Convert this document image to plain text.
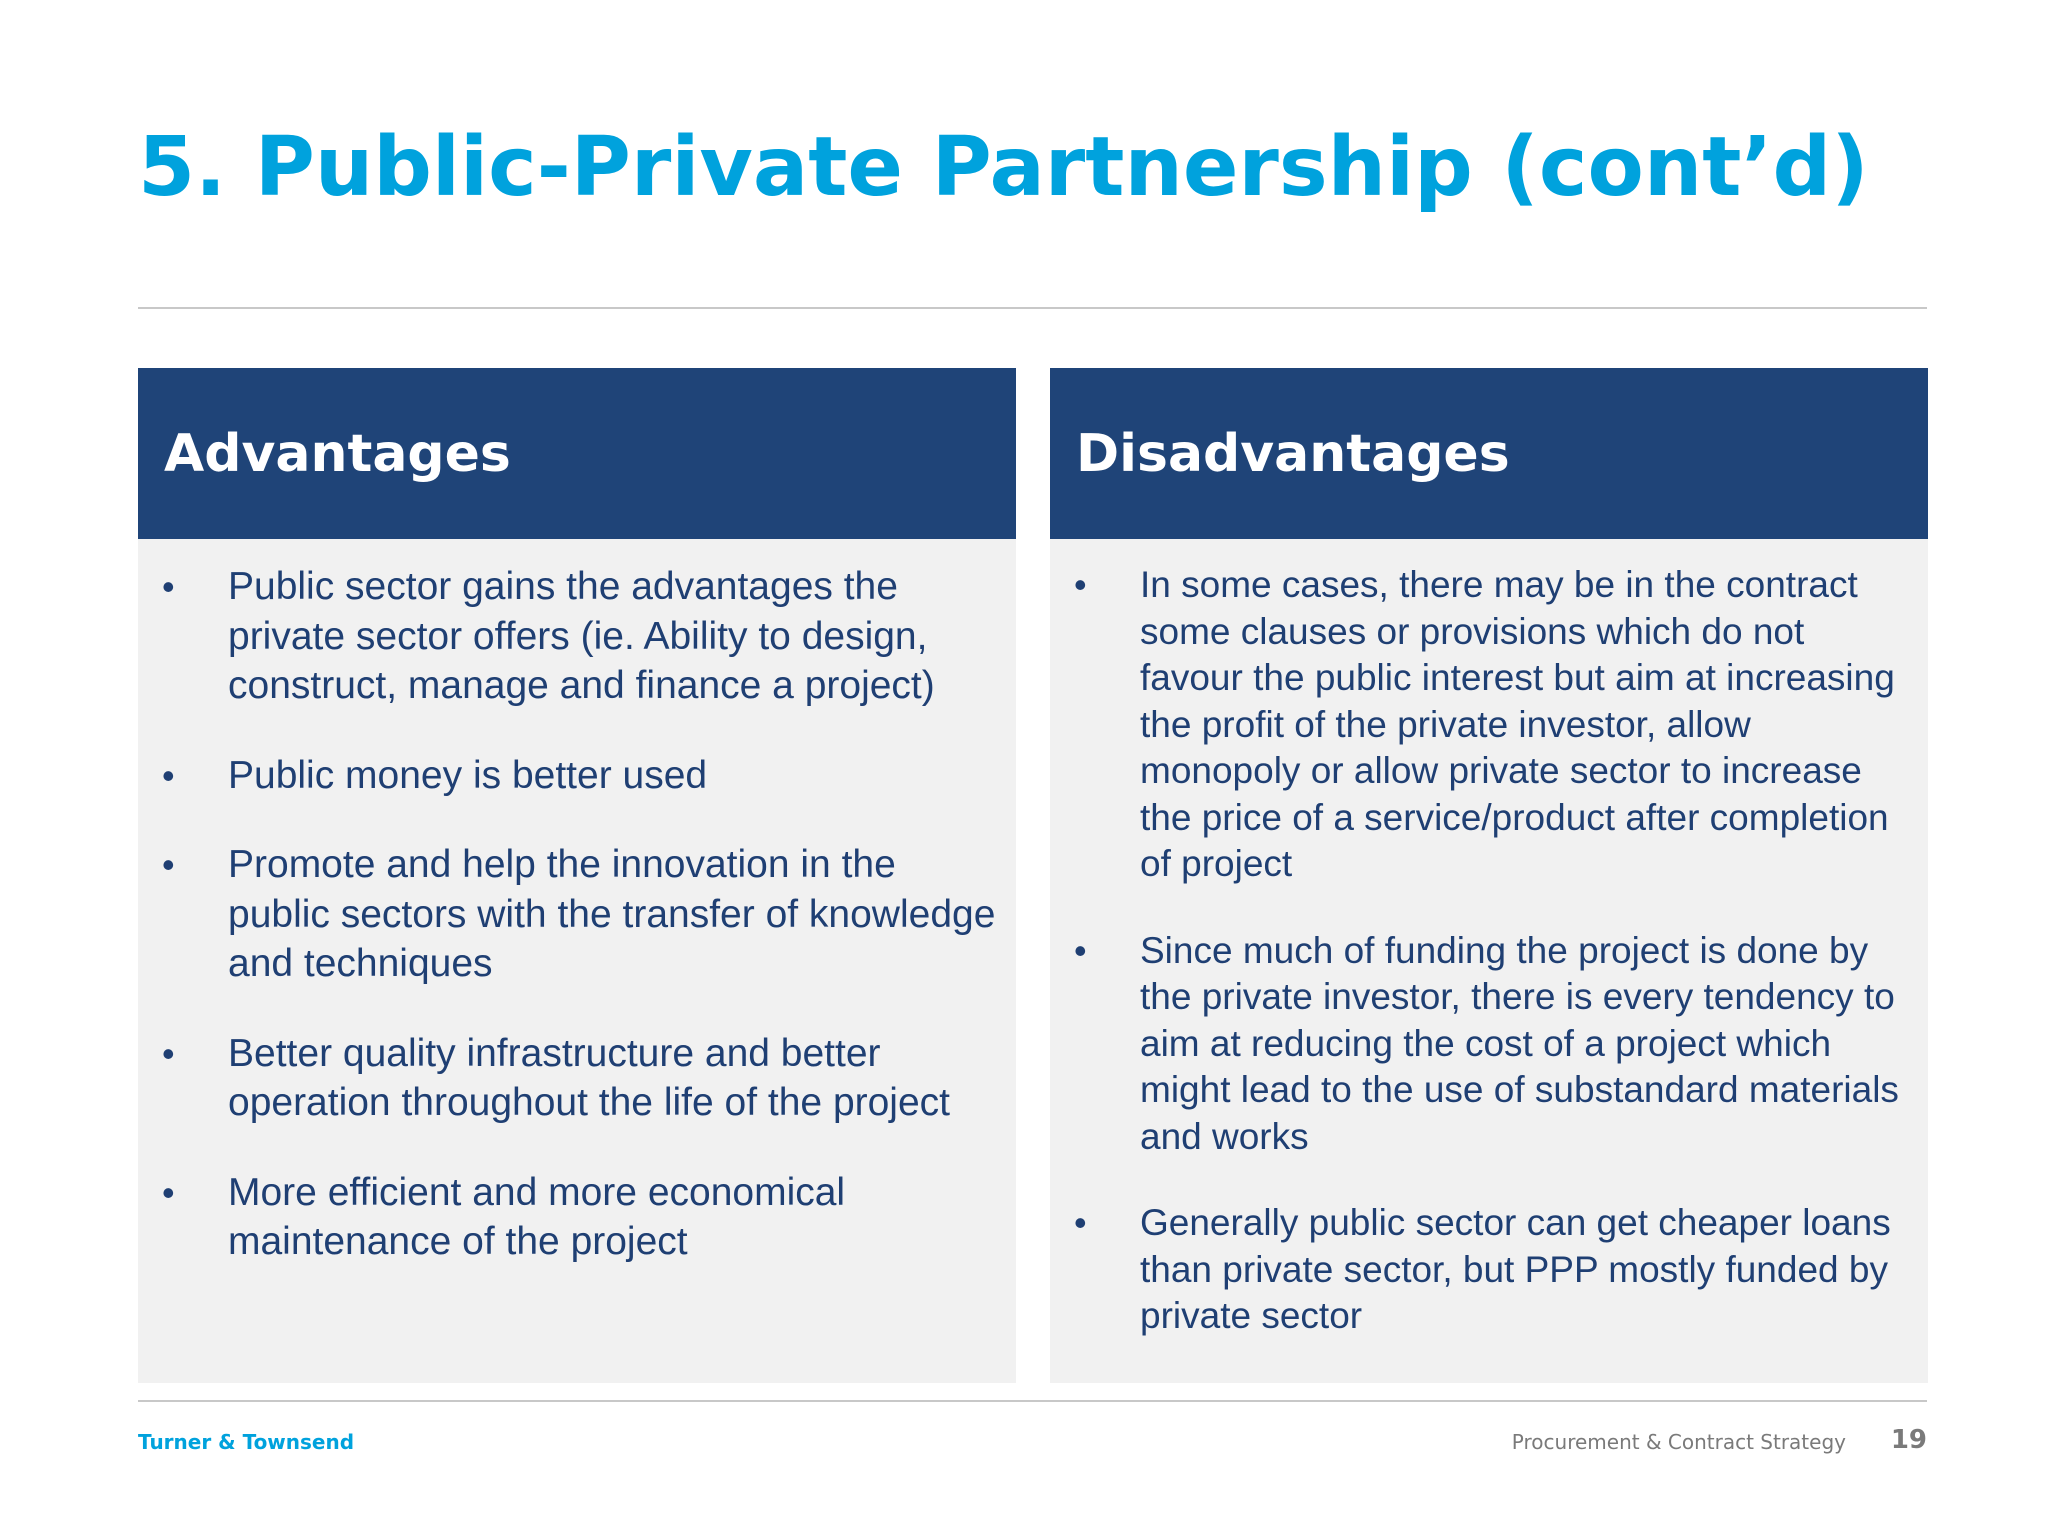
5. Public-Private Partnership (cont’d)
Advantages
• Public sector gains the advantages the private sector offers (ie. Ability to design, construct, manage and finance a project)
• Public money is better used
• Promote and help the innovation in the public sectors with the transfer of knowledge and techniques
• Better quality infrastructure and better operation throughout the life of the project
• More efficient and more economical maintenance of the project
Disadvantages
• In some cases, there may be in the contract some clauses or provisions which do not favour the public interest but aim at increasing the profit of the private investor, allow monopoly or allow private sector to increase the price of a service/product after completion of project
• Since much of funding the project is done by the private investor, there is every tendency to aim at reducing the cost of a project which might lead to the use of substandard materials and works
• Generally public sector can get cheaper loans than private sector, but PPP mostly funded by private sector
Turner & Townsend	Procurement & Contract Strategy 19
